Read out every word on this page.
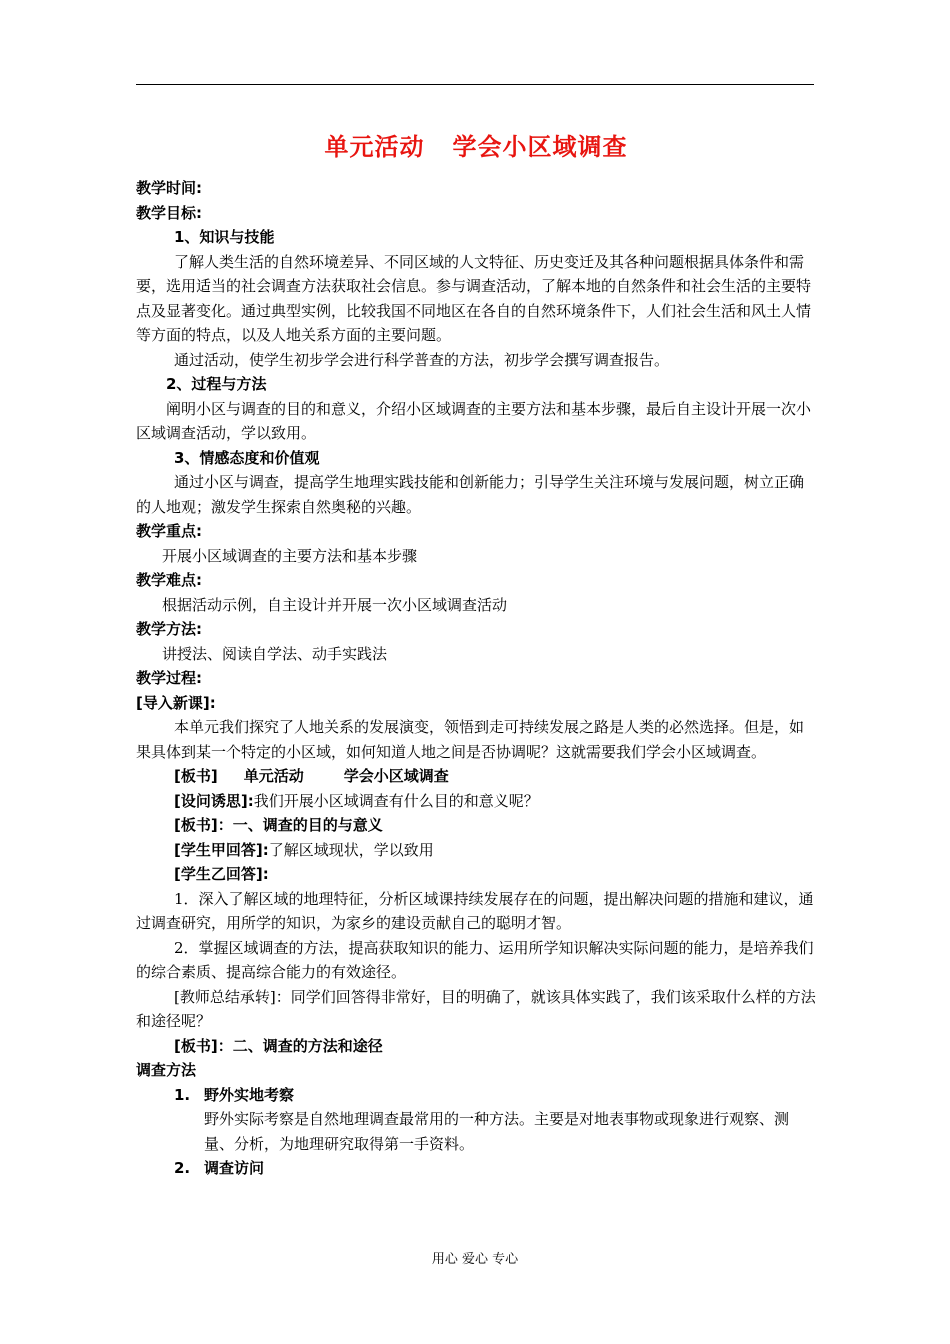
单元活动 学会小区域调查

教学时间:

教学目标:

1、知识与技能

了解人类生活的自然环境差异、不同区域的人文特征、历史变迁及其各种问题根据具体条件和需要，选用适当的社会调查方法获取社会信息。参与调查活动，了解本地的自然条件和社会生活的主要特点及显著变化。通过典型实例，比较我国不同地区在各自的自然环境条件下，人们社会生活和风土人情等方面的特点，以及人地关系方面的主要问题。

通过活动，使学生初步学会进行科学普查的方法，初步学会撰写调查报告。

2、过程与方法

阐明小区与调查的目的和意义，介绍小区域调查的主要方法和基本步骤，最后自主设计开展一次小区域调查活动，学以致用。

3、情感态度和价值观

通过小区与调查，提高学生地理实践技能和创新能力；引导学生关注环境与发展问题，树立正确的人地观；激发学生探索自然奥秘的兴趣。

教学重点:

开展小区域调查的主要方法和基本步骤

教学难点:

根据活动示例，自主设计并开展一次小区域调查活动

教学方法:

讲授法、阅读自学法、动手实践法

教学过程:

[导入新课]:

本单元我们探究了人地关系的发展演变，领悟到走可持续发展之路是人类的必然选择。但是，如果具体到某一个特定的小区域，如何知道人地之间是否协调呢？这就需要我们学会小区域调查。

[板书] 单元活动	学会小区域调查

[设问诱思]:我们开展小区域调查有什么目的和意义呢？

[板书]：一、调查的目的与意义

[学生甲回答]:了解区域现状，学以致用

[学生乙回答]:

1．深入了解区域的地理特征，分析区域课持续发展存在的问题，提出解决问题的措施和建议，通过调查研究，用所学的知识，为家乡的建设贡献自己的聪明才智。

2．掌握区域调查的方法，提高获取知识的能力、运用所学知识解决实际问题的能力，是培养我们的综合素质、提高综合能力的有效途径。

[教师总结承转]：同学们回答得非常好，目的明确了，就该具体实践了，我们该采取什么样的方法和途径呢？

[板书]：二、调查的方法和途径

调查方法

1. 野外实地考察

野外实际考察是自然地理调查最常用的一种方法。主要是对地表事物或现象进行观察、测量、分析，为地理研究取得第一手资料。

2. 调查访问

用心 爱心 专心
